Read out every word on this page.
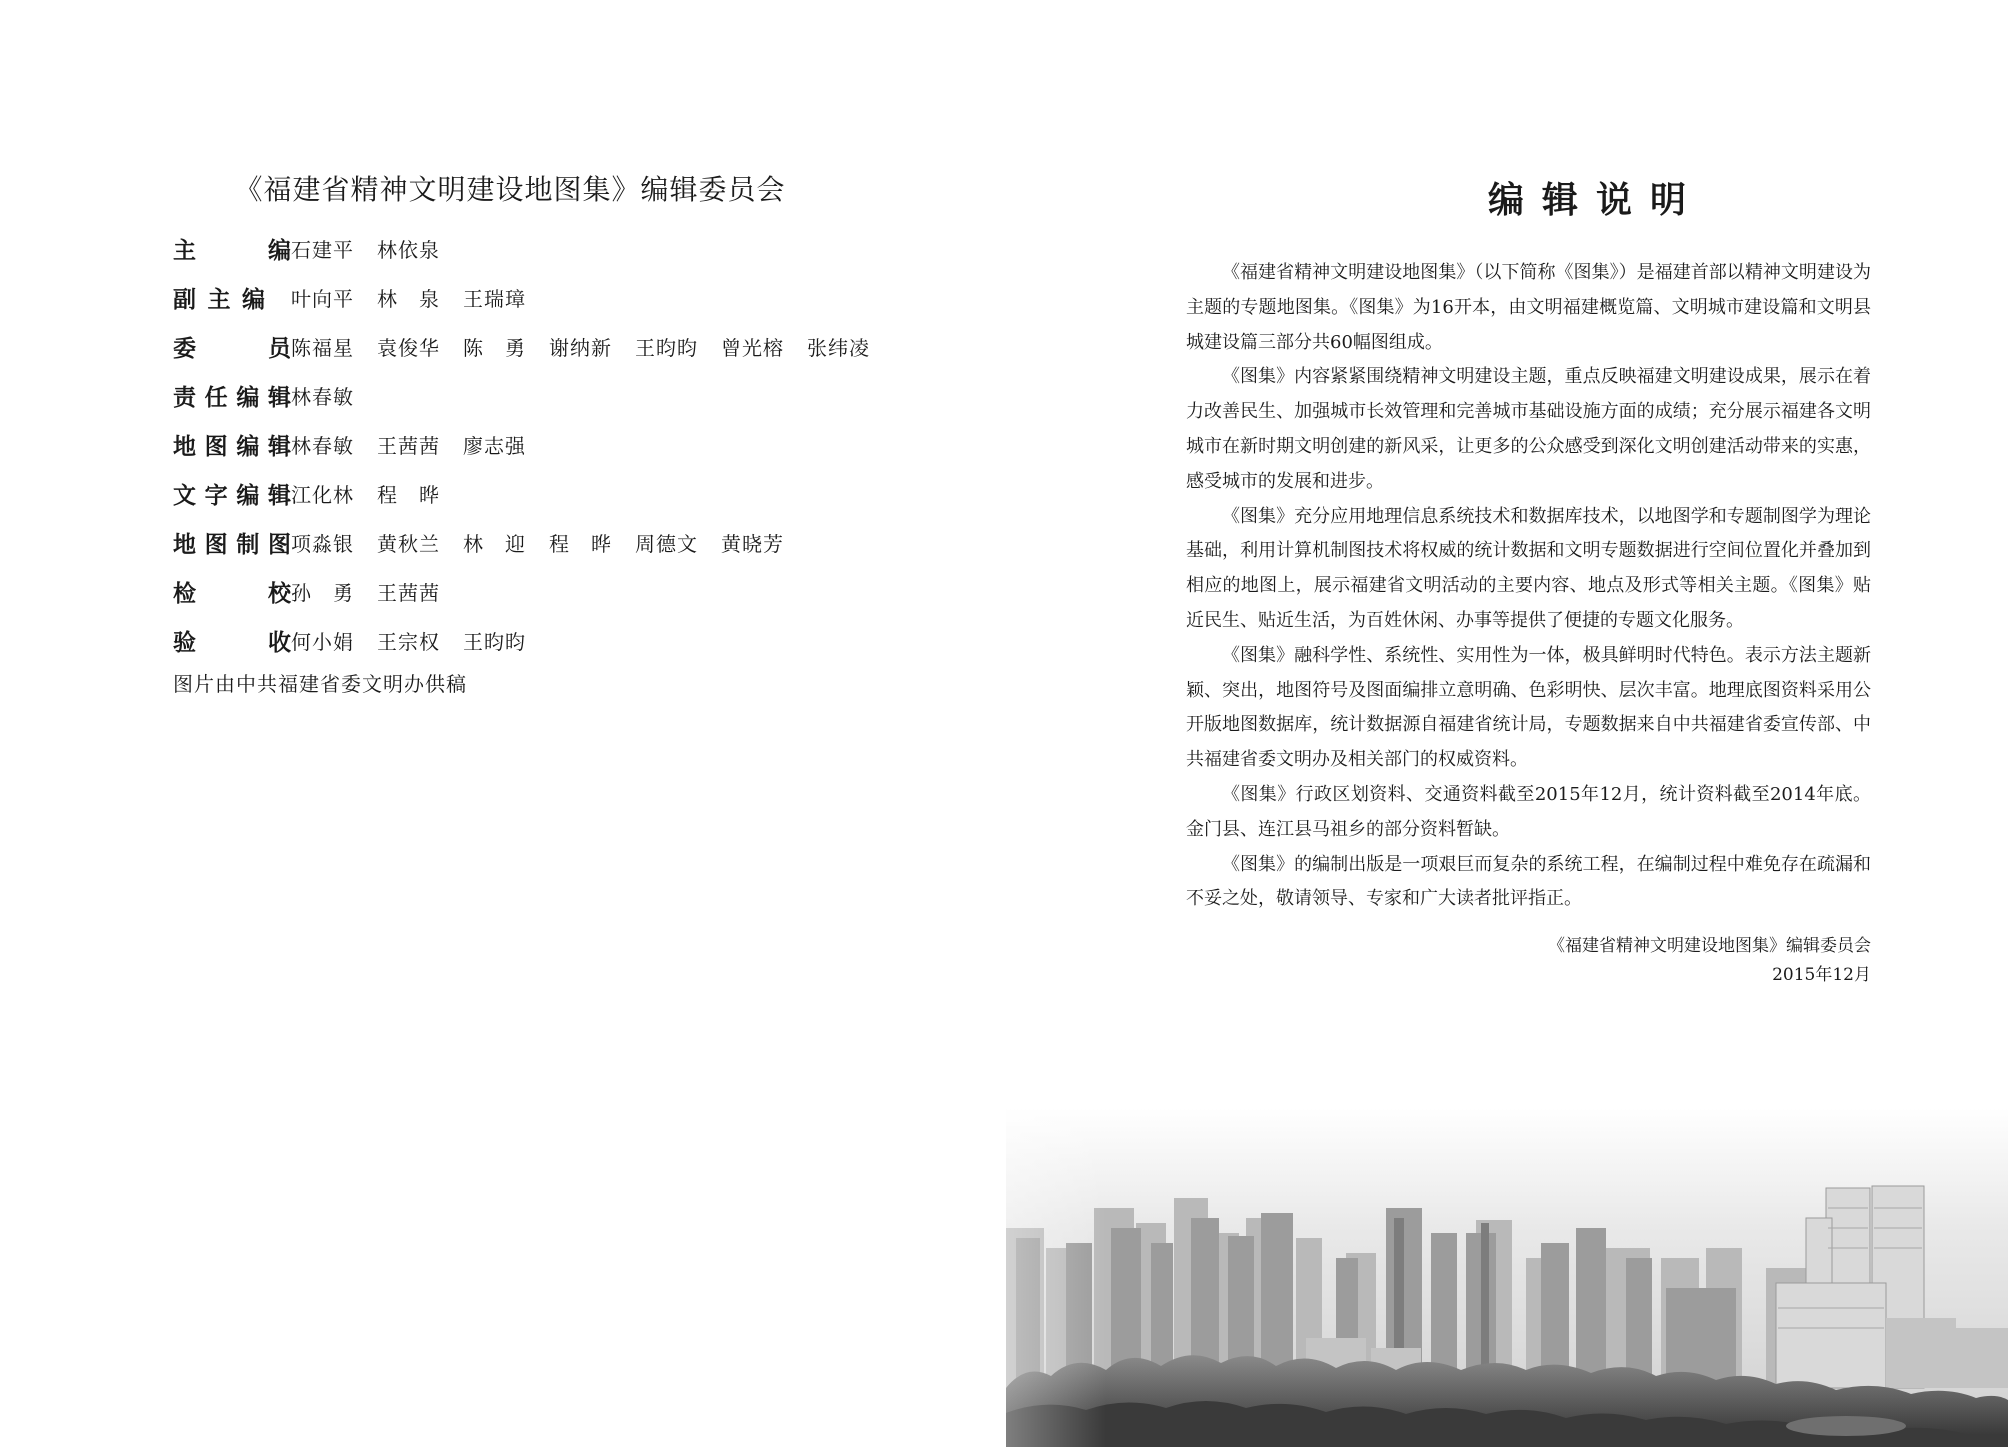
《福建省精神文明建设地图集》编辑委员会
主	编 石建平 林依泉
副 主 编 叶向平 林　泉 王瑞璋
委	员 陈福星 袁俊华 陈　勇 谢纳新 王昀昀 曾光榕 张纬凌
责 任 编 辑 林春敏
地 图 编 辑 林春敏 王茜茜 廖志强
文 字 编 辑 江化林 程　晔
地 图 制 图 项淼银 黄秋兰 林　迎 程　晔 周德文 黄晓芳
检	校 孙　勇 王茜茜
验	收 何小娟 王宗权 王昀昀
图片由中共福建省委文明办供稿
编辑说明

《福建省精神文明建设地图集》（以下简称《图集》）是福建首部以精神文明建设为主题的专题地图集。《图集》为16开本，由文明福建概览篇、文明城市建设篇和文明县城建设篇三部分共60幅图组成。

《图集》内容紧紧围绕精神文明建设主题，重点反映福建文明建设成果，展示在着力改善民生、加强城市长效管理和完善城市基础设施方面的成绩；充分展示福建各文明城市在新时期文明创建的新风采，让更多的公众感受到深化文明创建活动带来的实惠，感受城市的发展和进步。

《图集》充分应用地理信息系统技术和数据库技术，以地图学和专题制图学为理论基础，利用计算机制图技术将权威的统计数据和文明专题数据进行空间位置化并叠加到相应的地图上，展示福建省文明活动的主要内容、地点及形式等相关主题。《图集》贴近民生、贴近生活，为百姓休闲、办事等提供了便捷的专题文化服务。

《图集》融科学性、系统性、实用性为一体，极具鲜明时代特色。表示方法主题新颖、突出，地图符号及图面编排立意明确、色彩明快、层次丰富。地理底图资料采用公开版地图数据库，统计数据源自福建省统计局，专题数据来自中共福建省委宣传部、中共福建省委文明办及相关部门的权威资料。

《图集》行政区划资料、交通资料截至2015年12月，统计资料截至2014年底。金门县、连江县马祖乡的部分资料暂缺。

《图集》的编制出版是一项艰巨而复杂的系统工程，在编制过程中难免存在疏漏和不妥之处，敬请领导、专家和广大读者批评指正。

《福建省精神文明建设地图集》编辑委员会
2015年12月
